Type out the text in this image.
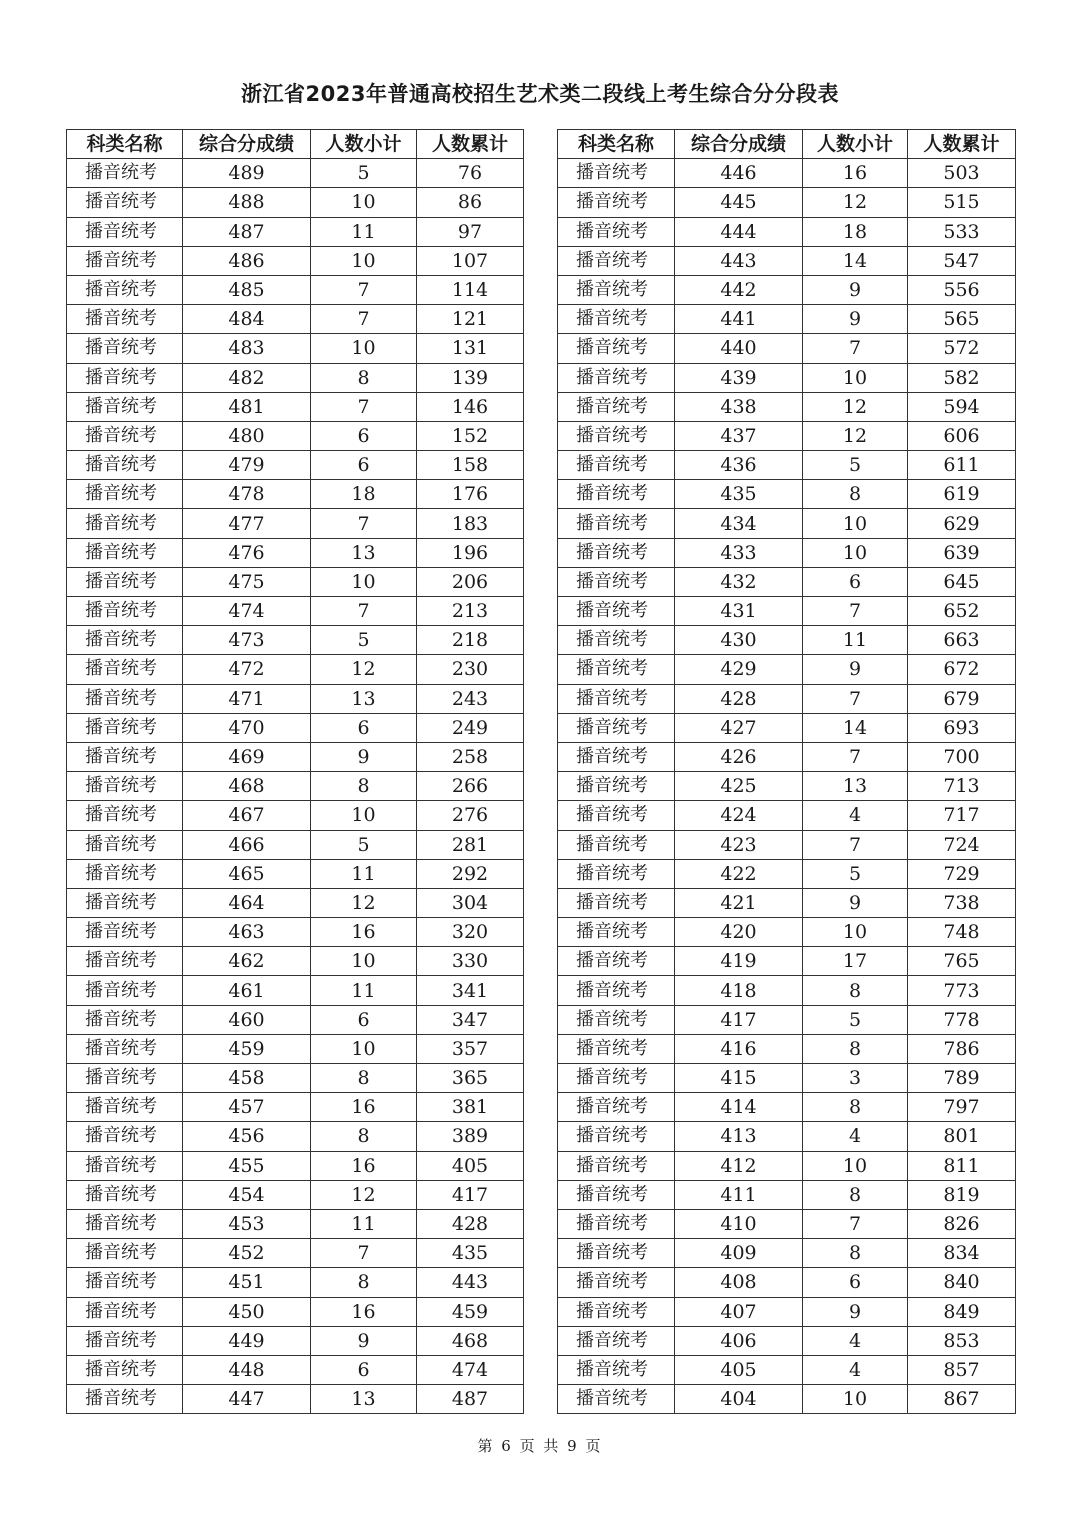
浙江省2023年普通高校招生艺术类二段线上考生综合分分段表
科类名称	综合分成绩	人数小计	人数累计
播音统考	489	5	76
播音统考	488	10	86
播音统考	487	11	97
播音统考	486	10	107
播音统考	485	7	114
播音统考	484	7	121
播音统考	483	10	131
播音统考	482	8	139
播音统考	481	7	146
播音统考	480	6	152
播音统考	479	6	158
播音统考	478	18	176
播音统考	477	7	183
播音统考	476	13	196
播音统考	475	10	206
播音统考	474	7	213
播音统考	473	5	218
播音统考	472	12	230
播音统考	471	13	243
播音统考	470	6	249
播音统考	469	9	258
播音统考	468	8	266
播音统考	467	10	276
播音统考	466	5	281
播音统考	465	11	292
播音统考	464	12	304
播音统考	463	16	320
播音统考	462	10	330
播音统考	461	11	341
播音统考	460	6	347
播音统考	459	10	357
播音统考	458	8	365
播音统考	457	16	381
播音统考	456	8	389
播音统考	455	16	405
播音统考	454	12	417
播音统考	453	11	428
播音统考	452	7	435
播音统考	451	8	443
播音统考	450	16	459
播音统考	449	9	468
播音统考	448	6	474
播音统考	447	13	487
科类名称	综合分成绩	人数小计	人数累计
播音统考	446	16	503
播音统考	445	12	515
播音统考	444	18	533
播音统考	443	14	547
播音统考	442	9	556
播音统考	441	9	565
播音统考	440	7	572
播音统考	439	10	582
播音统考	438	12	594
播音统考	437	12	606
播音统考	436	5	611
播音统考	435	8	619
播音统考	434	10	629
播音统考	433	10	639
播音统考	432	6	645
播音统考	431	7	652
播音统考	430	11	663
播音统考	429	9	672
播音统考	428	7	679
播音统考	427	14	693
播音统考	426	7	700
播音统考	425	13	713
播音统考	424	4	717
播音统考	423	7	724
播音统考	422	5	729
播音统考	421	9	738
播音统考	420	10	748
播音统考	419	17	765
播音统考	418	8	773
播音统考	417	5	778
播音统考	416	8	786
播音统考	415	3	789
播音统考	414	8	797
播音统考	413	4	801
播音统考	412	10	811
播音统考	411	8	819
播音统考	410	7	826
播音统考	409	8	834
播音统考	408	6	840
播音统考	407	9	849
播音统考	406	4	853
播音统考	405	4	857
播音统考	404	10	867
第 6 页 共 9 页
